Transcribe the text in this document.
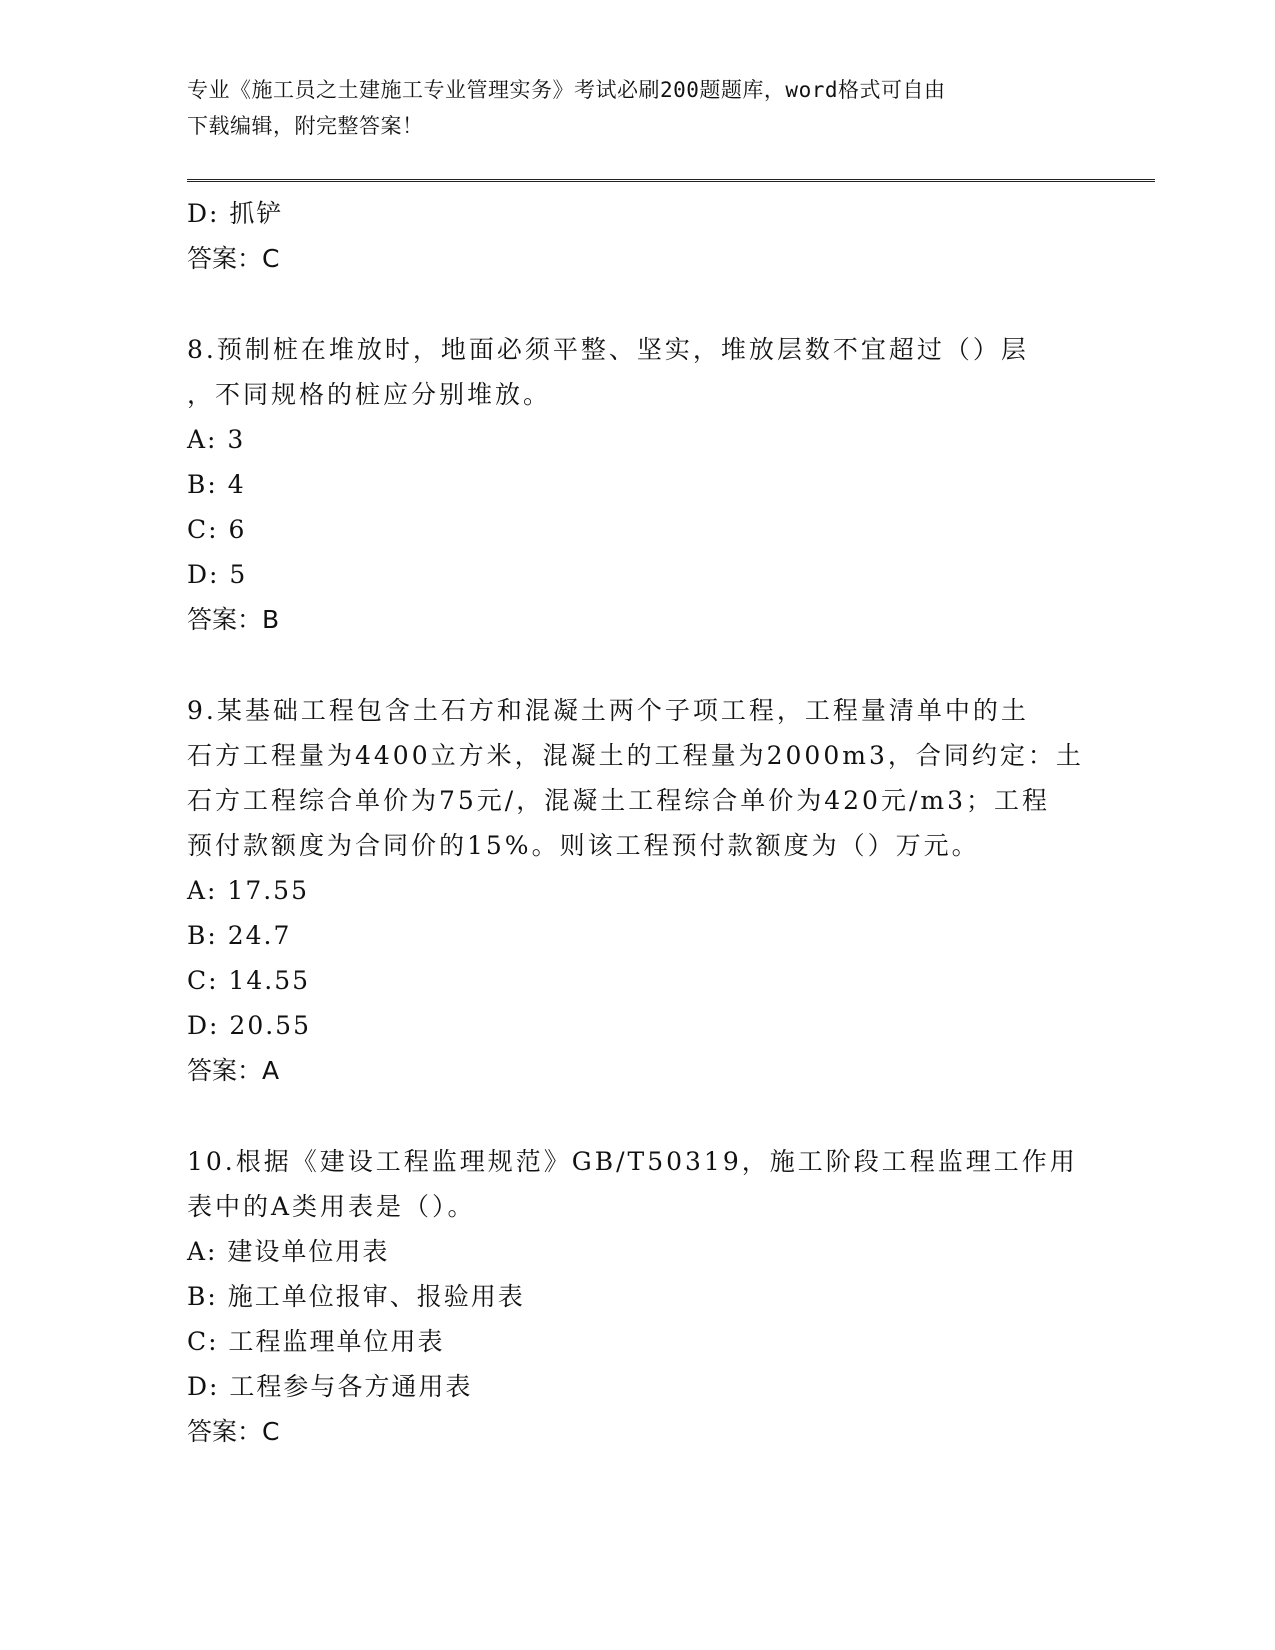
专业《施工员之土建施工专业管理实务》考试必刷200题题库，word格式可自由
下载编辑，附完整答案！
D: 抓铲
答案：C
8.预制桩在堆放时，地面必须平整、坚实，堆放层数不宜超过（）层
，不同规格的桩应分别堆放。
A: 3
B: 4
C: 6
D: 5
答案：B
9.某基础工程包含土石方和混凝土两个子项工程，工程量清单中的土
石方工程量为4400立方米，混凝土的工程量为2000m3，合同约定：土
石方工程综合单价为75元/，混凝土工程综合单价为420元/m3；工程
预付款额度为合同价的15%。则该工程预付款额度为（）万元。
A: 17.55
B: 24.7
C: 14.55
D: 20.55
答案：A
10.根据《建设工程监理规范》GB/T50319，施工阶段工程监理工作用
表中的A类用表是（）。
A: 建设单位用表
B: 施工单位报审、报验用表
C: 工程监理单位用表
D: 工程参与各方通用表
答案：C
